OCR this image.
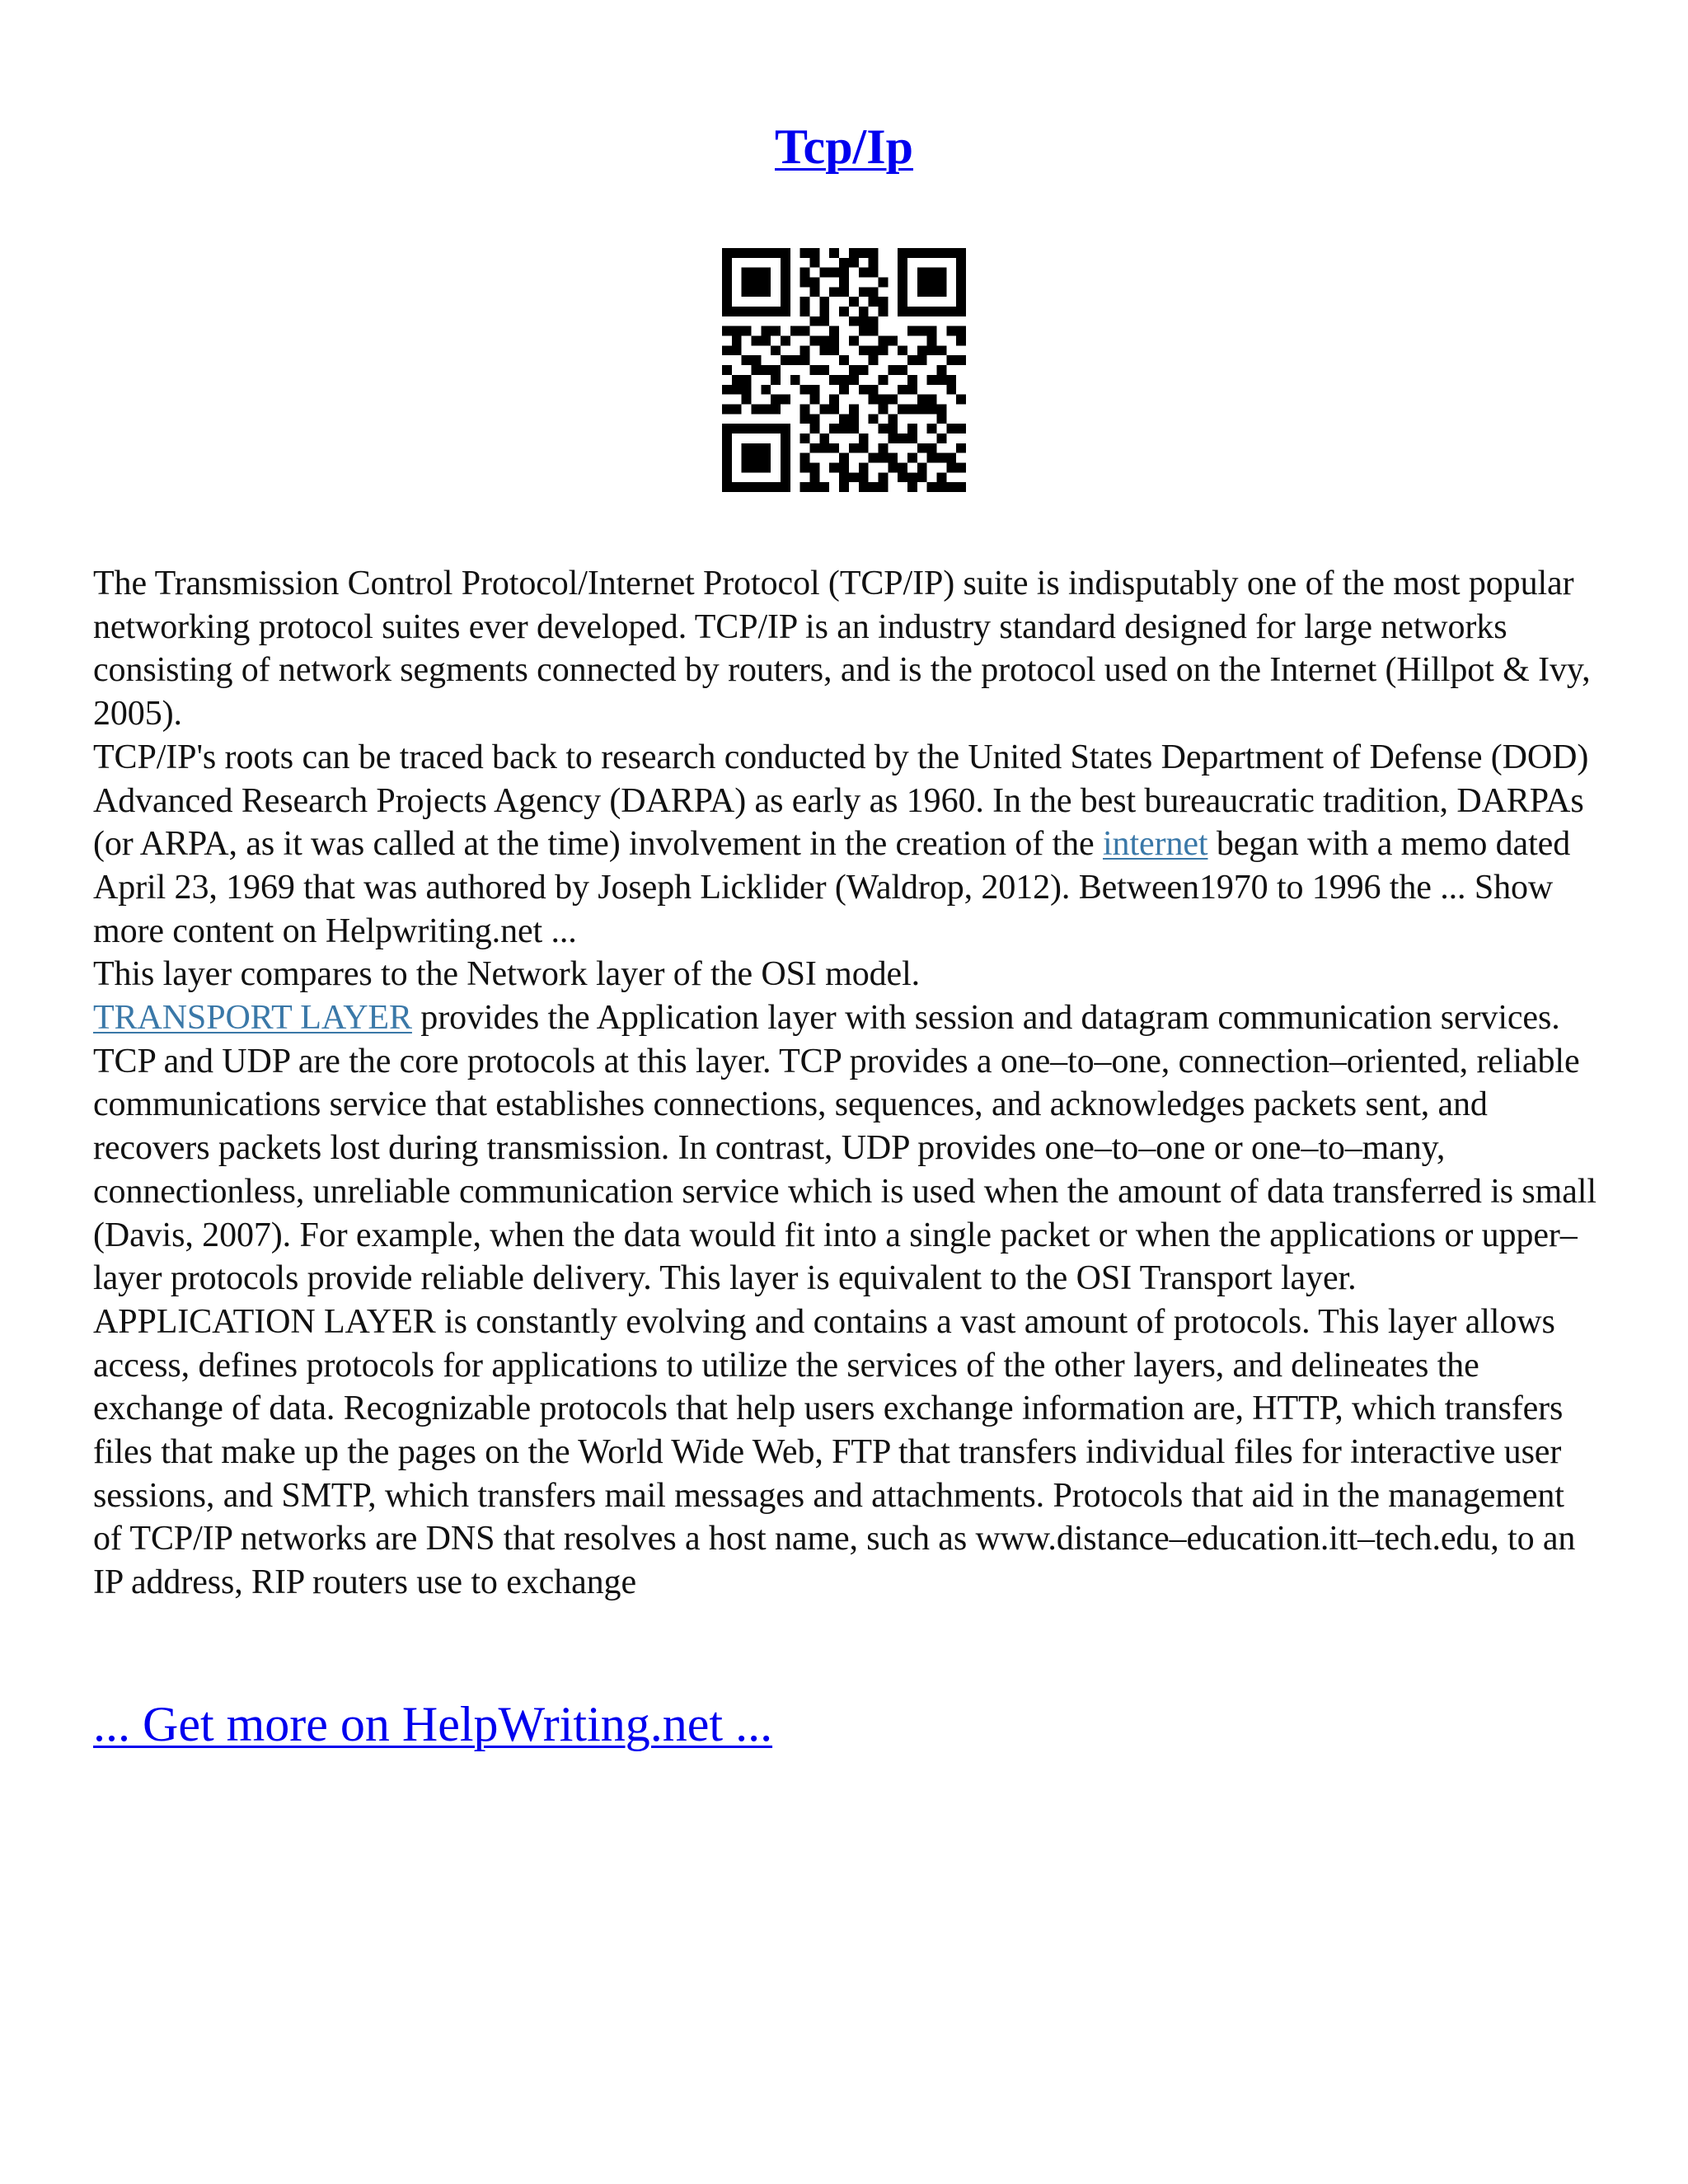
Tcp/Ip

The Transmission Control Protocol/Internet Protocol (TCP/IP) suite is indisputably one of the most popular networking protocol suites ever developed. TCP/IP is an industry standard designed for large networks consisting of network segments connected by routers, and is the protocol used on the Internet (Hillpot & Ivy, 2005).

TCP/IP's roots can be traced back to research conducted by the United States Department of Defense (DOD) Advanced Research Projects Agency (DARPA) as early as 1960. In the best bureaucratic tradition, DARPAs (or ARPA, as it was called at the time) involvement in the creation of the internet began with a memo dated April 23, 1969 that was authored by Joseph Licklider (Waldrop, 2012). Between1970 to 1996 the ... Show more content on Helpwriting.net ...

This layer compares to the Network layer of the OSI model.

TRANSPORT LAYER provides the Application layer with session and datagram communication services. TCP and UDP are the core protocols at this layer. TCP provides a one–to–one, connection–oriented, reliable communications service that establishes connections, sequences, and acknowledges packets sent, and recovers packets lost during transmission. In contrast, UDP provides one–to–one or one–to–many, connectionless, unreliable communication service which is used when the amount of data transferred is small (Davis, 2007). For example, when the data would fit into a single packet or when the applications or upper–layer protocols provide reliable delivery. This layer is equivalent to the OSI Transport layer.

APPLICATION LAYER is constantly evolving and contains a vast amount of protocols. This layer allows access, defines protocols for applications to utilize the services of the other layers, and delineates the exchange of data. Recognizable protocols that help users exchange information are, HTTP, which transfers files that make up the pages on the World Wide Web, FTP that transfers individual files for interactive user sessions, and SMTP, which transfers mail messages and attachments. Protocols that aid in the management of TCP/IP networks are DNS that resolves a host name, such as www.distance–education.itt–tech.edu, to an IP address, RIP routers use to exchange

... Get more on HelpWriting.net ...
